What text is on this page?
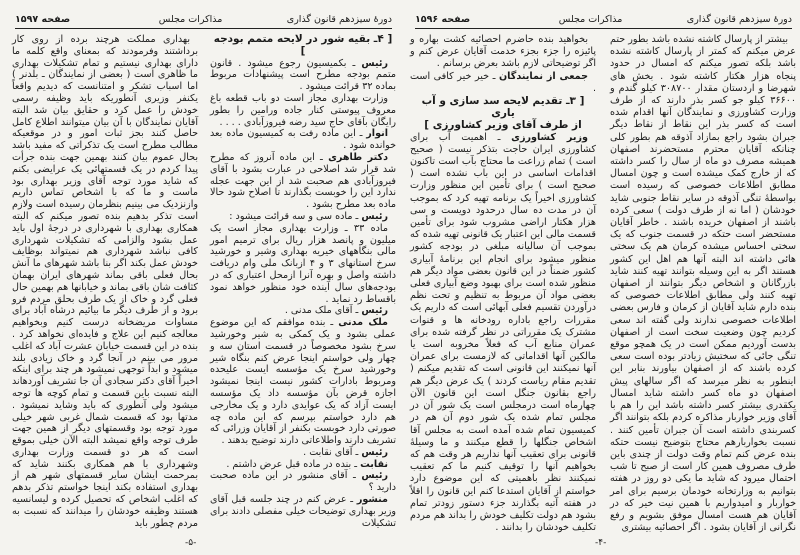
دورهٔ سیزدهم قانون گذاری
مذاکرات مجلس
صفحه ۱۵۹۷

[ ۴ـ بقیه شور در لایحه متمم بودجه ]

رئیس ـ بکمیسیون رجوع میشود . قانون متمم بودجه مطرح است پیشنهادات مربوط بماده ۳۲ قرائت میشود .

وزارت بهداری مجاز است دو باب قطعه باغ معروف پیوستی کنار جاده ورامین را بطور رایگان بآقای حاج سید رضه فیروزآبادی . . . .

انوار ـ این ماده رفت به کمیسیون ماده بعد خوانده شود .

دکتر طاهری ـ این ماده آنروز که مطرح شد قرار شد اصلاحی در عبارت بشود با آقای فیروزآبادی هم صحبت شد از این جهت عجله ندارد این را خوبست بگذارند تا اصلاح شود حالا ماده بعد مطرح بشود .

رئیس ـ ماده سی و سه قرائت میشود :

ماده ۳۳ ـ وزارت بهداری مجاز است یک میلیون و پانصد هزار ریال برای ترمیم امور مالی بنگاههای خیریه بهداری وشیر و خورشید سرخ استانهای ۳ و ۴ ازبانک ملی وام دریافت داشته واصل و بهره آنرا ازمحل اعتباری که در بودجه‌های سال آینده خود منظور خواهد نمود باقساط رد نماید .

رئیس ـ آقای ملک مدنی .

ملک مدنی ـ بنده موافقم که این موضوع عملی بشود و یک کمکی به شیر وخورشید سرخ بشود مخصوصاً در قسمت استان سه و چهار ولی خواستم اینجا عرض کنم بنگاه شیر وخورشید سرخ یک مؤسسه ایست علیحده ومربوط بادارات کشور نیست اینجا نمیشود اجازه قرض بآن مؤسسه داد یک مؤسسه ایست آزاد که یک عوایدی دارد و یک مخارجی هم دارد خواستم بپرسم که این ماده چه صورتی دارد خوبست بکنفر از آقایان وزرائی که تشریف دارند واطلاعاتی دارند توضیح بدهند .

رئیس ـ آقای نقابت .

نقابت ـ بنده در ماده قبل عرض داشتم .

رئیس ـ آقای منشور در این ماده صحبت دارید ؟

منشور ـ عرض کنم در چند جلسه قبل آقای وزیر بهداری توضیحات خیلی مفصلی دادند برای تشکیلات

بهداری مملکت هرچند برده از روی کار برداشتند وفرمودند که بمعنای واقع کلمه ما دارای بهداری نیستیم و تمام تشکیلات بهداری ما ظاهری است ( بعضی از نمایندگان ـ بلدنر ) اما اسباب تشکر و امتنانست که دیدیم واقعاً یکنفر وزیری آنطوریکه باید وظیفه رسمی خودش را عمل کرد و حقایق بیان شد البته آقایان نمایندگان با آن بیان میتوانند اطلاع کامل حاصل کنند بجز ثبات امور و در موقعیکه مطالب مطرح است یک تذکراتی که مفید باشد بحال عموم بیان کنند بهمین جهت بنده جرأت پیدا کردم در یک قسمتهائی یک عرایضی بکنم که شاید مورد توجه آقای وزیر بهداری بود ماست و ما که با اشخاص تماس داریم وازنزدیک می بینیم بنظرمان رسیده است ولازم است تذکر بدهیم بنده تصور میکنم که البته همکاری بهداری با شهرداری در درجهٔ اول باید عمل بشود والزامی که تشکیلات شهرداری کافی نباشد شهرداری هم نمیتواند بوظایف خودش عمل بکند اگر بنا باشد شهرهای ما آنش بحال فعلی باقی بماند شهرهای ایران بهمان کثافت شان باقی بماند و خیابانها هم بهمین حال فعلی گرد و خاک از یک طرف بحلق مردم فرو برود و از طرف دیگر ما بیائیم درشاه آباد برای مساوات مریضخانه درست کنیم وبخواهیم معالجه کنیم این علاج و فایده‌ای نخواهد کرد . بنده در این قسمت خیابان عشرت آباد که اغلب مرور می بینم در آنجا گرد و خاک زیادی بلند میشود و ابداً توجهی نمیشود هر چند برای اینکه اخیراً آقای دکتر سجادی آن جا تشریف آوردهاند البته نسبت باین قسمت و تمام کوچه ها توجه میشود ولی آنطوری که باید وشاید نمیشود . مدتها بود که قسمت شمال غربی شهر خیلی مورد توجه بود وقسمتهای دیگر از همین جهت طرف توجه واقع نمیشد البته الآن خیلی بموقع است که هر دو قسمت وزارت بهداری وشهرداری با هم همکاری بکنند شاید که بمرحمت ایشان سایر قسمتهای شهر هم از بهداری استفاده بکند اینجا خواستم تذکر بدهم که اغلب اشخاص که تحصیل کرده و لیسانسیه هستند وظیفه خودشان را میدانند که نسبت به مردم چطور باید

-۵-
دورهٔ سیزدهم قانون گذاری
مذاکرات مجلس
صفحه ۱۵۹۶

بیشتر از پارسال کاشته نشده باشد بطور حتم عرض میکنم که کمتر از پارسال کاشته نشده باشد بلکه تصور میکنم که امسال در حدود پنجاه هزار هکتار کاشته شود . بخش های شهرضا و اردستان مقدار ۳۰۸۷۰۰ کیلو گندم و ۳۶۶۰۰ کیلو جو کسر بذر دارند که از طرف وزارت کشاورزی و نمایندگان آنها اقدام شده است که کسر بذر این نقاط از نقاط دیگر جبران بشود راجع بمازاد آذوقه هم بطور کلی چنانکه آقایان محترم مستحضرند اصفهان همیشه مصرف دو ماه از سال را کسر داشته که از خارج کمک میشده است و چون امسال مطابق اطلاعات خصوصی که رسیده است بواسطهٔ تنگی آذوقه در سایر نقاط جنوبی شاید خودشان ( اما نه از طرف دولت ) سعی کرده باشند از اصفهان خریده باشند . خاطر آقایان مستحضر است حتکه در قسمت جنوب که یک سختی احساس میشده کرمان هم یک سختی هائی داشته اند البته آنها هم اهل این کشور هستند اگر به این وسیله بتوانند تهیه کنند شاید بازرگانان و اشخاص دیگر بتوانند از اصفهان تهیه کنند ولی مطابق اطلاعات خصوصی که بنده دارم شاید آقایان از کرمان و فارس بعضی اطلاعات خصوصی ندارند ولی گفته اند سعی کردیم چون وضعیت سخت است از اصفهان بدست آوردیم ممکن است در یک همچو موقع تنگی جائی که سختیش زیادتر بوده است سعی کرده باشند که از اصفهان بیاورند بنابر این اینطور به نظر میرسد که اگر سالهای پیش اصفهان دو ماه کسر داشته شاید امسال یکقدری بیشتر کسر داشته باشد این را هم با آقای وزیر خواربار مذاکره کردم بلکه بتوانند اگر کسربندی داشته است آن جبران تأمین کنند . نسبت بخواربارهم محتاج بتوضیح نیست حتکه بنده عرض کنم تمام وقت دولت از چندی باین طرف مصروف همین کار است از صبح تا شب احتمال میرود که شاید ما یکی دو روز در هفته بتوانیم به وزارتخانه خودمان برسیم برای امر خواربار و امیدواریم با همین نیت خیر که در آقایان هم هست امسال موفق بشویم و رفع نگرانی از آقایان بشود . اگر احصائیه بیشتری

بخواهید بنده حاضرم احصائیه کشت بهاره و پائیزه را جزء بجزء خدمت آقایان عرض کنم و اگر توضیحاتی لازم باشد بعرض برسانم .

جمعی از نمایندگان ـ خیر خیر کافی است .

[ ۳ـ تقدیم لایحه سد سازی و آب یاری

از طرف آقای وزیر کشاورزی ]

وزیر کشاورزی ـ اهمیت آب برای کشاورزی ایران حاجت بتذکر نیست ( صحیح است ) تمام زراعت ما محتاج بآب است تاکنون اقدامات اساسی در این باب نشده است ( صحیح است ) برای تأمین این منظور وزارت کشاورزی اخیراً یک برنامه تهیه کرد که بموجب آن در مدت ده سال درحدود دویست و سی هزار هکتار اراضی مشروب شود برای تأمین قسمت مالی این اعتبار یک قانونی تهیه شده که بموجب آن سالیانه مبلغی در بودجه کشور منظور میشود برای انجام این برنامهٔ آبیاری کشور ضمناً در این قانون بعضی مواد دیگر هم منظور شده است برای بهبود وضع آبیاری فعلی بعضی مواد آن مربوط به تنظیم و تحت نظم درآوردن تقسیم فعلی آبهائی است که داریم یک مقررات راجع باداره رودخانه ها و قنوات مشترک یک مقرراتی در نظر گرفته شده برای عمران منابع آب که فعلاً مخروبه است یا مالکین آنها اقداماتی که لازمست برای عمران آنها نمیکنند این قانونی است که تقدیم میکنم ( تقدیم مقام ریاست کردند ) یک عرض دیگر هم راجع بقانون جنگل است این قانون الآن چهارماه است درمجلس است یک شور آن در مجلس تمام شده یک شور دوم آن هم در کمیسیون تمام شده آمده است به مجلس آقا اشخاص جنگلها را قطع میکنند و ما وسیلهٔ قانونی برای تعقیب آنها نداریم هر وقت هم که بخواهیم آنها را توقیف کنیم ما کم تعقیب نمیکنند نظر باهمیتی که این موضوع دارد خواستم از آقایان استدعا کنم این قانون را اقلاً در هفته آتیه بگذارند جزء دستور زودتر تمام بشود هم دولت تکلیف خودش را بداند هم مردم تکلیف خودشان را بدانند .

-۴-
